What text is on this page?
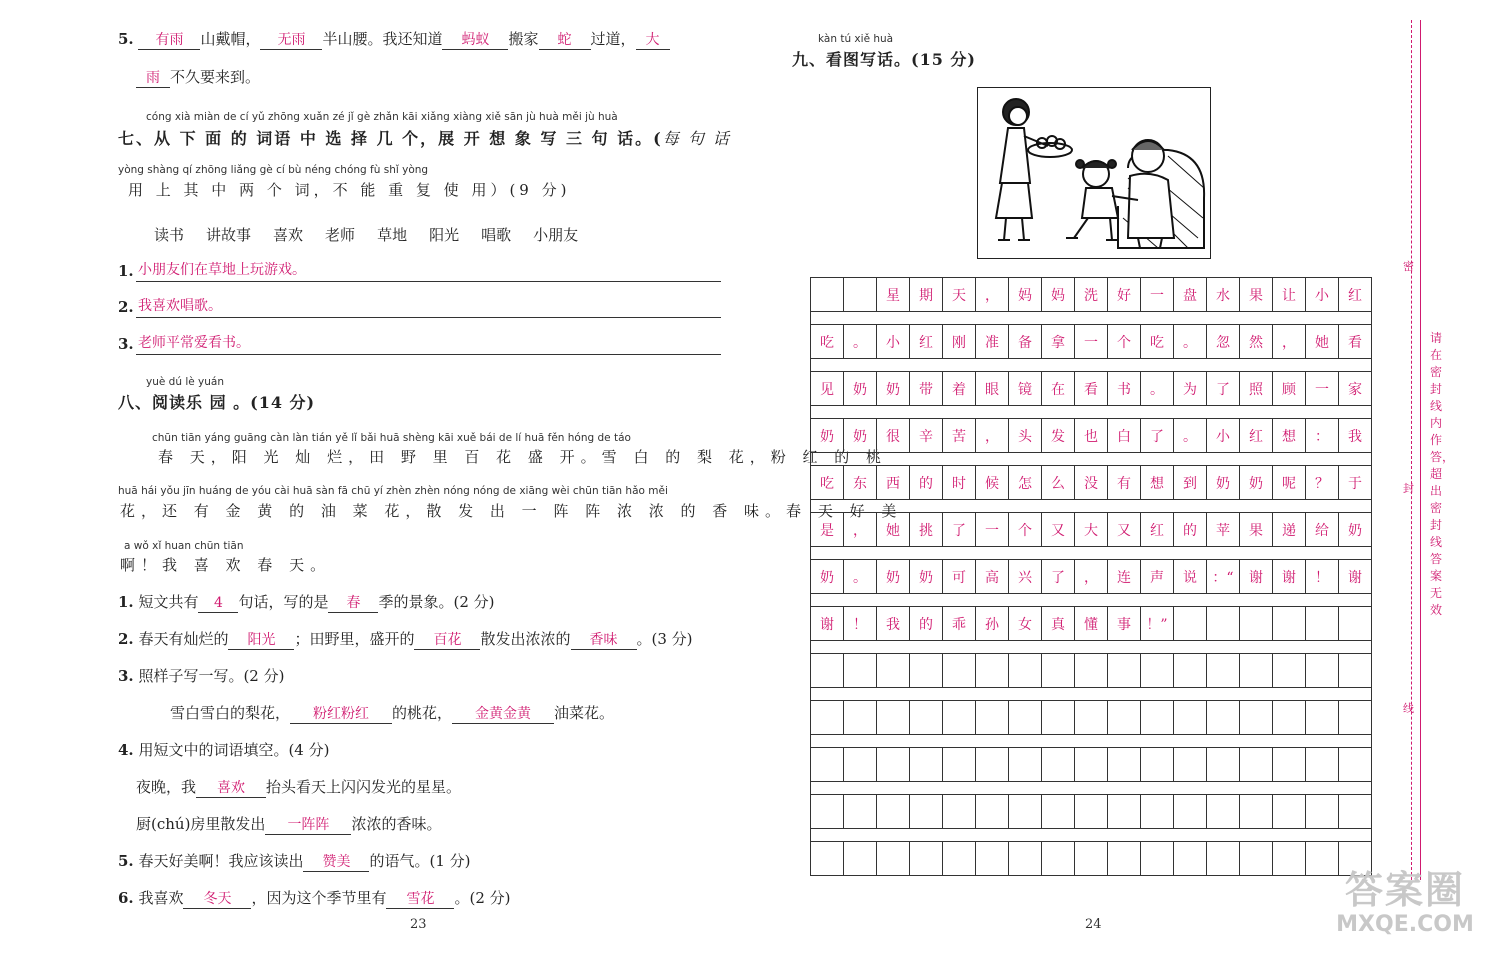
5. 有雨 山戴帽， 无雨 半山腰。我还知道 蚂蚁 搬家 蛇 过道， 大
雨 不久要来到。
cóng xià miàn de cí yǔ zhōng xuǎn zé jǐ gè zhǎn kāi xiǎng xiàng xiě sān jù huà měi jù huà
七、从 下 面 的 词语 中 选 择 几 个，展 开 想 象 写 三 句 话。(每 句 话
yòng shàng qí zhōng liǎng gè cí bù néng chóng fù shǐ yòng
用 上 其 中 两 个 词，不 能 重 复 使 用）(9 分)
读书 讲故事 喜欢 老师 草地 阳光 唱歌 小朋友
1. 小朋友们在草地上玩游戏。
2. 我喜欢唱歌。
3. 老师平常爱看书。
yuè dú lè yuán
八、阅读乐 园 。(14 分)
chūn tiān yáng guāng càn làn tián yě lǐ bǎi huā shèng kāi xuě bái de lí huā fěn hóng de táo
春 天，阳 光 灿 烂，田 野 里 百 花 盛 开。雪 白 的 梨 花，粉 红 的 桃
huā hái yǒu jīn huáng de yóu cài huā sàn fā chū yí zhèn zhèn nóng nóng de xiāng wèi chūn tiān hǎo měi
花，还 有 金 黄 的 油 菜 花，散 发 出 一 阵 阵 浓 浓 的 香 味。春 天 好 美
a wǒ xǐ huan chūn tiān
啊！我 喜 欢 春 天。
1. 短文共有 4 句话，写的是 春 季的景象。(2 分)
2. 春天有灿烂的 阳光 ；田野里，盛开的 百花 散发出浓浓的 香味 。(3 分)
3. 照样子写一写。(2 分)
雪白雪白的梨花， 粉红粉红 的桃花， 金黄金黄 油菜花。
4. 用短文中的词语填空。(4 分)
夜晚，我 喜欢 抬头看天上闪闪发光的星星。
厨(chú)房里散发出 一阵阵 浓浓的香味。
5. 春天好美啊！我应该读出 赞美 的语气。(1 分)
6. 我喜欢 冬天 ，因为这个季节里有 雪花 。(2 分)
23
kàn tú xiě huà
九、看图写话。(15 分)
星	期	天	，	妈	妈	洗	好	一	盘	水	果	让	小	红
吃	。	小	红	刚	准	备	拿	一	个	吃	。	忽	然	，	她	看
见	奶	奶	带	着	眼	镜	在	看	书	。	为	了	照	顾	一	家
奶	奶	很	辛	苦	，	头	发	也	白	了	。	小	红	想	：	我
吃	东	西	的	时	候	怎	么	没	有	想	到	奶	奶	呢	？	于
是	，	她	挑	了	一	个	又	大	又	红	的	苹	果	递	给	奶
奶	。	奶	奶	可	高	兴	了	，	连	声	说	：“	谢	谢	！	谢
谢	！	我	的	乖	孙	女	真	懂	事	！”
24
密
封
线
请在密封线内作答，超出密封线答案无效
答案圈
MXQE.COM
